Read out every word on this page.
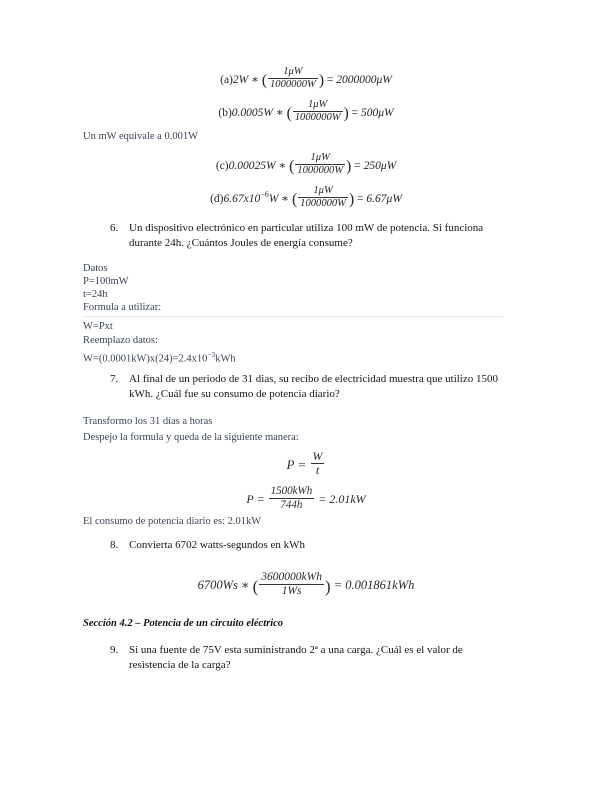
(a)2W ∗ ( $\frac{1\mu W}{1000000W}$ ) = 2000000μW
(b)0.0005W ∗ ( $\frac{1\mu W}{1000000W}$ ) = 500μW
Un mW equivale a 0.001W
(c)0.00025W ∗ ( $\frac{1\mu W}{1000000W}$ ) = 250μW
$(d)6.67x10^{-6}W$ ∗ ( $\frac{1\mu W}{1000000W}$ ) = 6.67μW
6. Un dispositivo electrónico en particular utiliza 100 mW de potencia. Si funciona durante 24h. ¿Cuántos Joules de energía consume?
Datos
P=100mW
t=24h
Formula a utilizar:
W=Pxt
Reemplazo datos:
$W=(0.0001kW)x(24)=2.4x10^{-3}kWh$
7. Al final de un periodo de 31 dias, su recibo de electricidad muestra que utilizo 1500 kWh. ¿Cuál fue su consumo de potencia diario?
Transformo los 31 días a horas
Despejo la formula y queda de la siguiente manera:
$P = \frac{W}{t}$
$P = \frac{\text{1500kWh}}{744h} = 2.01kW$
El consumo de potencia diario es: 2.01kW
8. Convierta 6702 watts-segundos en kWh
6700Ws ∗ ( $\frac{\text{3600000kWh}}{1Ws}$ ) = 0.001861kWh
Sección 4.2 – Potencia de un circuito eléctrico
9. Si una fuente de 75V esta suministrando 2ª a una carga. ¿Cuál es el valor de resistencia de la carga?
